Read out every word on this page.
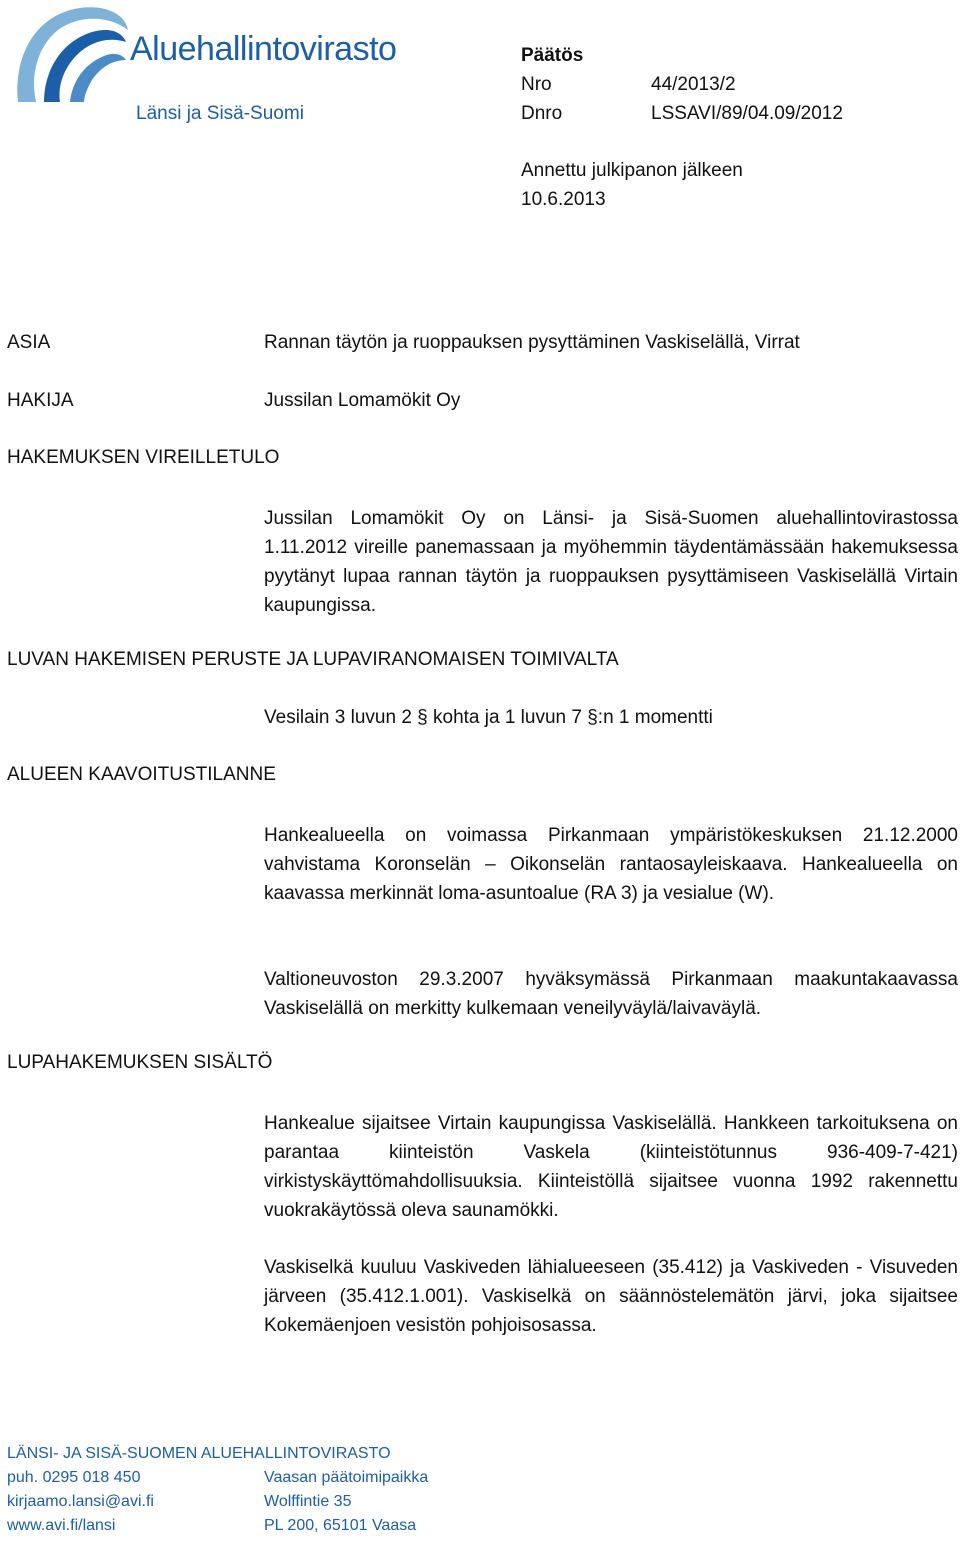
Aluehallintovirasto
Länsi ja Sisä-Suomi
Päätös
Nro	44/2013/2
Dnro	LSSAVI/89/04.09/2012
Annettu julkipanon jälkeen
10.6.2013
ASIA	Rannan täytön ja ruoppauksen pysyttäminen Vaskiselällä, Virrat
HAKIJA	Jussilan Lomamökit Oy
HAKEMUKSEN VIREILLETULO
Jussilan Lomamökit Oy on Länsi- ja Sisä-Suomen aluehallintovirastossa 1.11.2012 vireille panemassaan ja myöhemmin täydentämässään hakemuksessa pyytänyt lupaa rannan täytön ja ruoppauksen pysyttämiseen Vaskiselällä Virtain kaupungissa.
LUVAN HAKEMISEN PERUSTE JA LUPAVIRANOMAISEN TOIMIVALTA
Vesilain 3 luvun 2 § kohta ja 1 luvun 7 §:n 1 momentti
ALUEEN KAAVOITUSTILANNE
Hankealueella on voimassa Pirkanmaan ympäristökeskuksen 21.12.2000 vahvistama Koronselän – Oikonselän rantaosayleiskaava. Hankealueella on kaavassa merkinnät loma-asuntoalue (RA 3) ja vesialue (W).
Valtioneuvoston 29.3.2007 hyväksymässä Pirkanmaan maakuntakaavassa Vaskiselällä on merkitty kulkemaan veneilyväylä/laivaväylä.
LUPAHAKEMUKSEN SISÄLTÖ
Hankealue sijaitsee Virtain kaupungissa Vaskiselällä. Hankkeen tarkoituksena on parantaa kiinteistön Vaskela (kiinteistötunnus 936-409-7-421) virkistyskäyttömahdollisuuksia. Kiinteistöllä sijaitsee vuonna 1992 rakennettu vuokrakäytössä oleva saunamökki.
Vaskiselkä kuuluu Vaskiveden lähialueeseen (35.412) ja Vaskiveden - Visuveden järveen (35.412.1.001). Vaskiselkä on säännöstelemätön järvi, joka sijaitsee Kokemäenjoen vesistön pohjoisosassa.
LÄNSI- JA SISÄ-SUOMEN ALUEHALLINTOVIRASTO
puh. 0295 018 450
kirjaamo.lansi@avi.fi
www.avi.fi/lansi
Vaasan päätoimipaikka
Wolffintie 35
PL 200, 65101 Vaasa
